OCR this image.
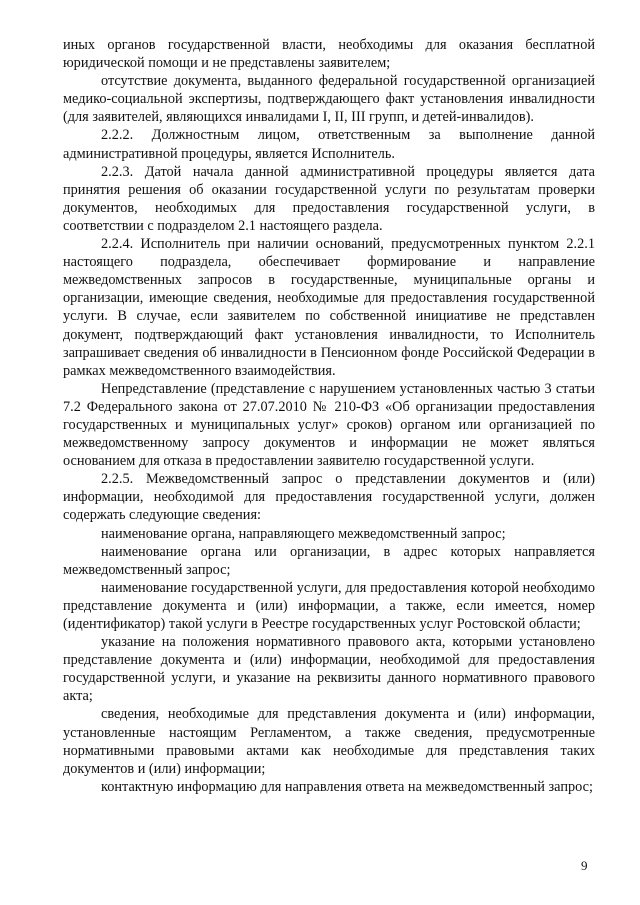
иных органов государственной власти, необходимы для оказания бесплатной юридической помощи и не представлены заявителем;

отсутствие документа, выданного федеральной государственной организацией медико-социальной экспертизы, подтверждающего факт установления инвалидности (для заявителей, являющихся инвалидами I, II, III групп, и детей-инвалидов).

2.2.2. Должностным лицом, ответственным за выполнение данной административной процедуры, является Исполнитель.

2.2.3. Датой начала данной административной процедуры является дата принятия решения об оказании государственной услуги по результатам проверки документов, необходимых для предоставления государственной услуги, в соответствии с подразделом 2.1 настоящего раздела.

2.2.4. Исполнитель при наличии оснований, предусмотренных пунктом 2.2.1 настоящего подраздела, обеспечивает формирование и направление межведомственных запросов в государственные, муниципальные органы и организации, имеющие сведения, необходимые для предоставления государственной услуги. В случае, если заявителем по собственной инициативе не представлен документ, подтверждающий факт установления инвалидности, то Исполнитель запрашивает сведения об инвалидности в Пенсионном фонде Российской Федерации в рамках межведомственного взаимодействия.

Непредставление (представление с нарушением установленных частью 3 статьи 7.2 Федерального закона от 27.07.2010 № 210-ФЗ «Об организации предоставления государственных и муниципальных услуг» сроков) органом или организацией по межведомственному запросу документов и информации не может являться основанием для отказа в предоставлении заявителю государственной услуги.

2.2.5. Межведомственный запрос о представлении документов и (или) информации, необходимой для предоставления государственной услуги, должен содержать следующие сведения:

наименование органа, направляющего межведомственный запрос;

наименование органа или организации, в адрес которых направляется межведомственный запрос;

наименование государственной услуги, для предоставления которой необходимо представление документа и (или) информации, а также, если имеется, номер (идентификатор) такой услуги в Реестре государственных услуг Ростовской области;

указание на положения нормативного правового акта, которыми установлено представление документа и (или) информации, необходимой для предоставления государственной услуги, и указание на реквизиты данного нормативного правового акта;

сведения, необходимые для представления документа и (или) информации, установленные настоящим Регламентом, а также сведения, предусмотренные нормативными правовыми актами как необходимые для представления таких документов и (или) информации;

контактную информацию для направления ответа на межведомственный запрос;

9
